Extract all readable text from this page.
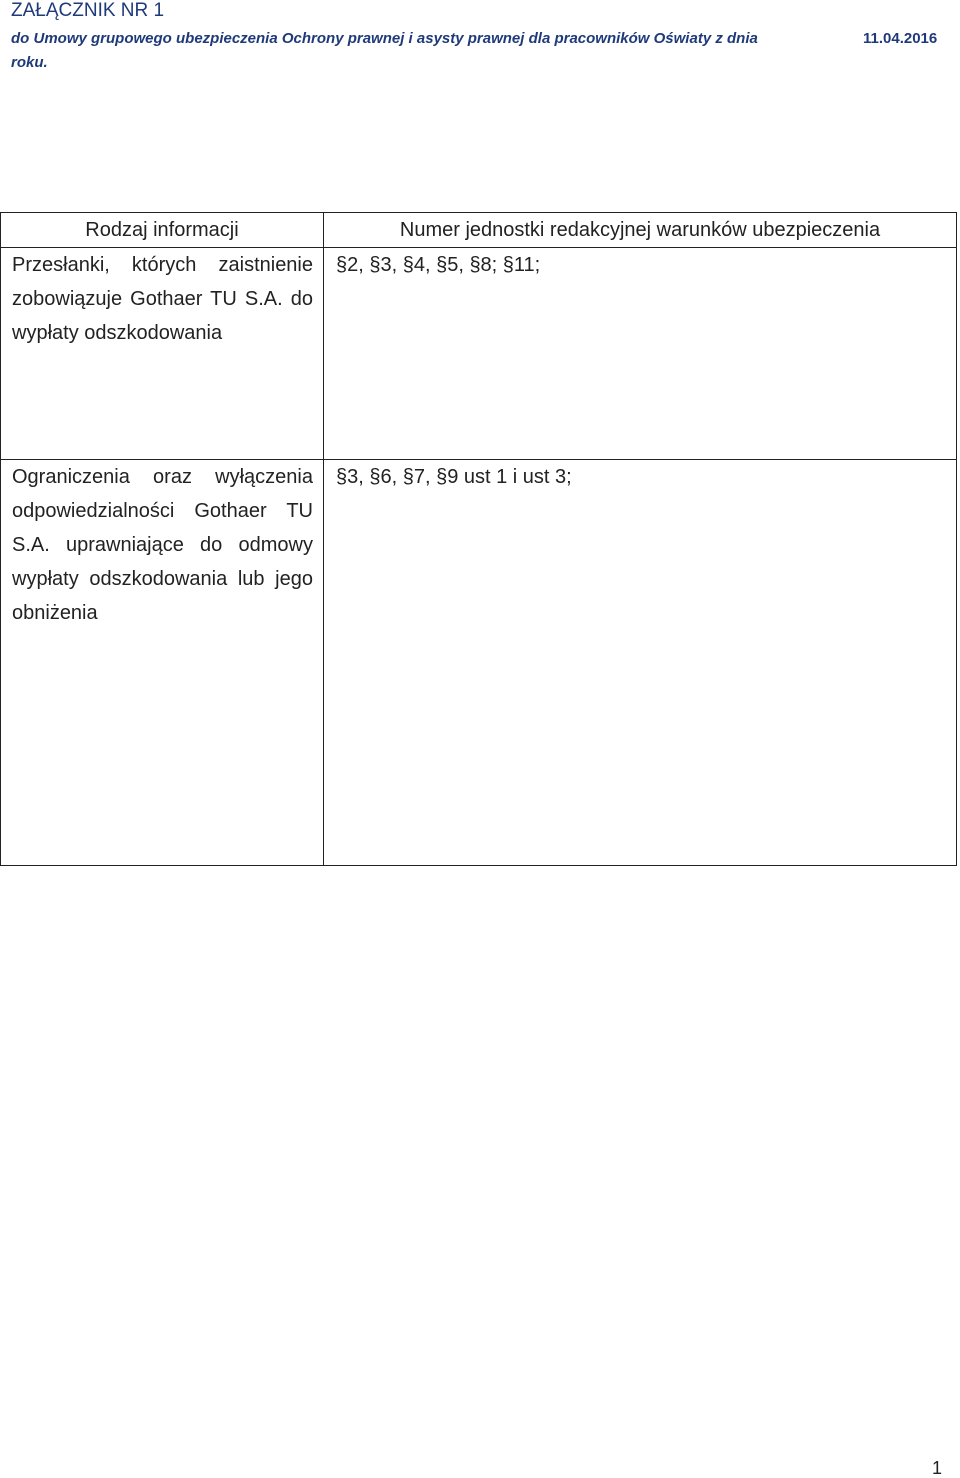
ZAŁĄCZNIK NR 1
do Umowy grupowego ubezpieczenia Ochrony prawnej i asysty prawnej dla pracowników Oświaty z dnia	11.04.2016

roku.
Rodzaj informacji	Numer jednostki redakcyjnej warunków ubezpieczenia
Przesłanki, których zaistnienie zobowiązuje Gothaer TU S.A. do wypłaty odszkodowania	§2, §3, §4, §5, §8; §11;
Ograniczenia oraz wyłączenia odpowiedzialności Gothaer TU S.A. uprawniające do odmowy wypłaty odszkodowania lub jego obniżenia	§3, §6, §7, §9 ust 1 i ust 3;
1
